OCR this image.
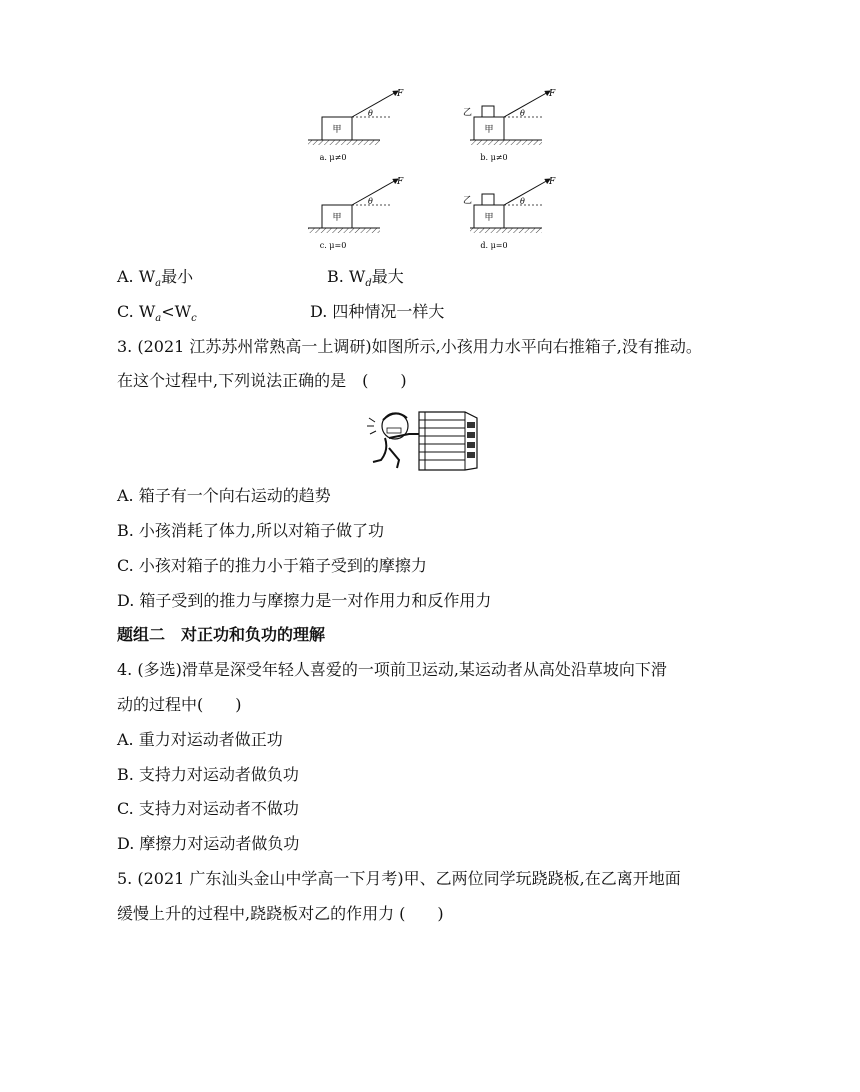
甲
F
θ
a. μ≠0
甲
乙
F
θ
b. μ≠0
甲
F
θ
c. μ=0
甲
乙
F
θ
d. μ=0
A. $W_a$最小	B. $W_d$最大
C. $W_a<W_c$	D. 四种情况一样大
3. (2021 江苏苏州常熟高一上调研)如图所示,小孩用力水平向右推箱子,没有推动。
在这个过程中,下列说法正确的是　(　　)
A. 箱子有一个向右运动的趋势
B. 小孩消耗了体力,所以对箱子做了功
C. 小孩对箱子的推力小于箱子受到的摩擦力
D. 箱子受到的推力与摩擦力是一对作用力和反作用力
题组二　对正功和负功的理解
4. (多选)滑草是深受年轻人喜爱的一项前卫运动,某运动者从高处沿草坡向下滑
动的过程中(　　)
A. 重力对运动者做正功
B. 支持力对运动者做负功
C. 支持力对运动者不做功
D. 摩擦力对运动者做负功
5. (2021 广东汕头金山中学高一下月考)甲、乙两位同学玩跷跷板,在乙离开地面
缓慢上升的过程中,跷跷板对乙的作用力 (　　)
